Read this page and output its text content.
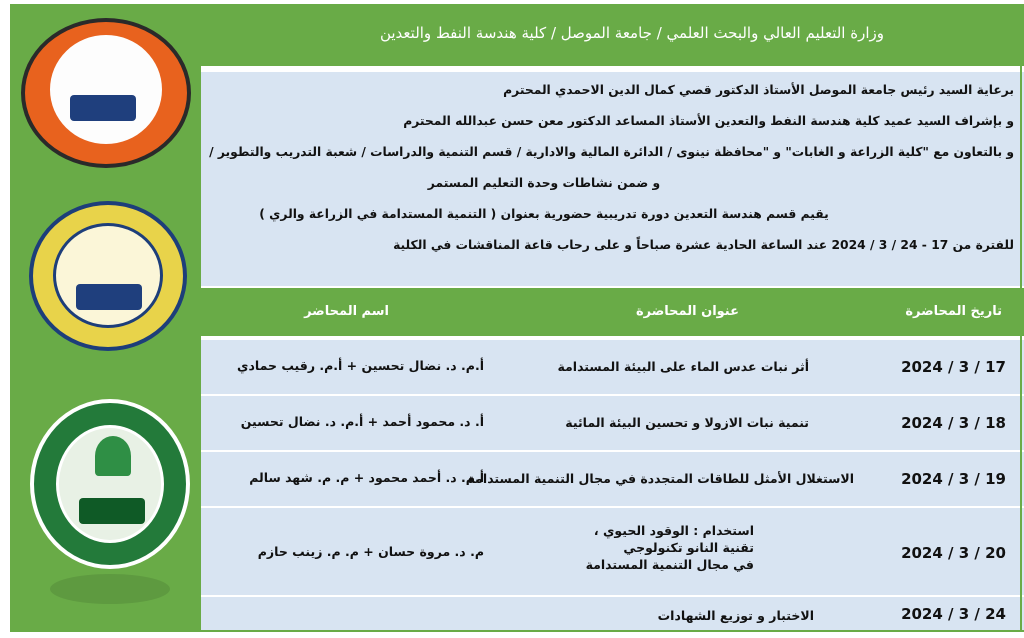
وزارة التعليم العالي والبحث العلمي / جامعة الموصل / كلية هندسة النفط والتعدين
برعاية السيد رئيس جامعة الموصل الأستاذ الدكتور قصي كمال الدين الاحمدي المحترم
و بإشراف السيد عميد كلية هندسة النفط والتعدين الأستاذ المساعد الدكتور معن حسن عبدالله المحترم
و بالتعاون مع "كلية الزراعة و الغابات" و "محافظة نينوى / الدائرة المالية والادارية / قسم التنمية والدراسات / شعبة التدريب والتطوير /
و ضمن نشاطات وحدة التعليم المستمر
يقيم قسم هندسة التعدين دورة تدريبية حضورية بعنوان ( التنمية المستدامة في الزراعة والري )
للفترة من 17 - 24 / 3 / 2024 عند الساعة الحادية عشرة صباحاً و على رحاب قاعة المناقشات في الكلية
تاريخ المحاضرة
عنوان المحاضرة
اسم المحاضر
17 / 3 / 2024
أثر نبات عدس الماء على البيئة المستدامة
أ.م. د. نضال تحسين + أ.م. رقيب حمادي
18 / 3 / 2024
تنمية نبات الازولا و تحسين البيئة المائية
أ. د. محمود أحمد + أ.م. د. نضال تحسين
19 / 3 / 2024
الاستغلال الأمثل للطاقات المتجددة في مجال التنمية المستدامة
أ.م. د. أحمد محمود + م. م. شهد سالم
20 / 3 / 2024
استخدام : الوقود الحيوي ،
تقنية النانو تكنولوجي
في مجال التنمية المستدامة
م. د. مروة حسان + م. م. زينب حازم
24 / 3 / 2024
الاختبار و توزيع الشهادات
